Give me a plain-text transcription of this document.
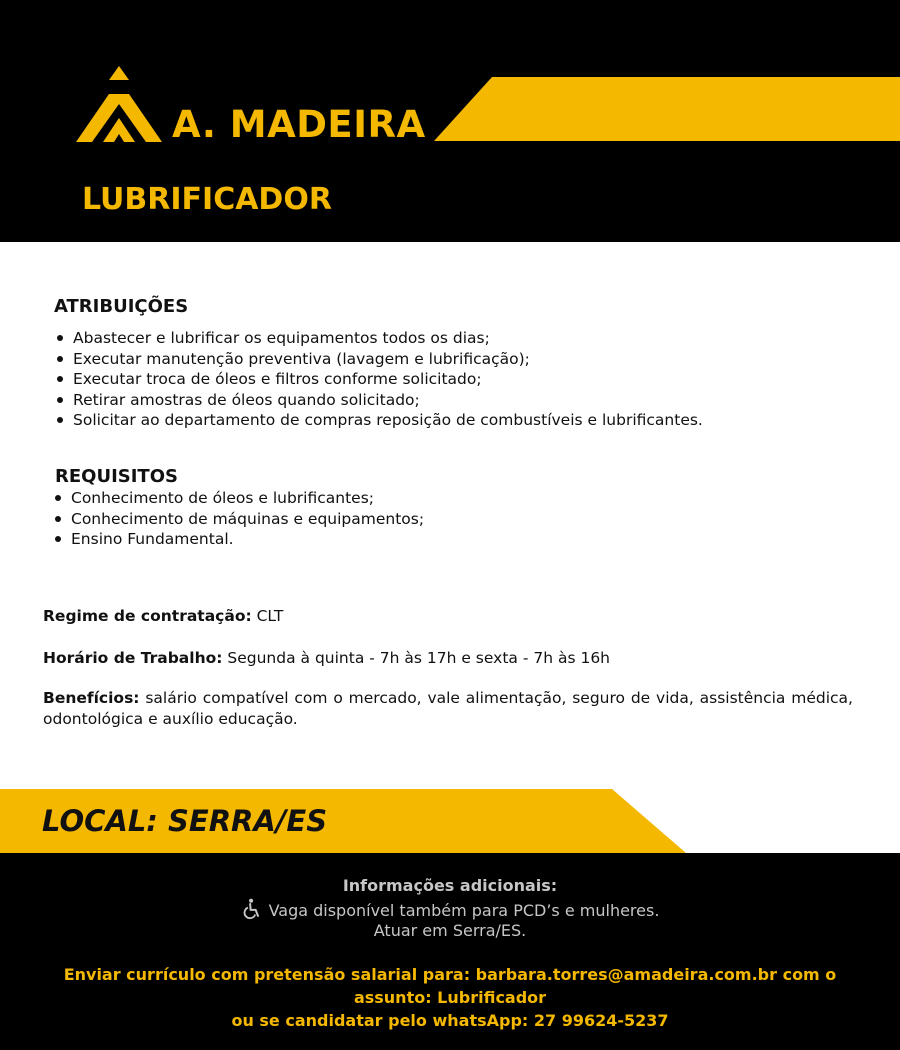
A. MADEIRA
LUBRIFICADOR
ATRIBUIÇÕES
Abastecer e lubrificar os equipamentos todos os dias;
Executar manutenção preventiva (lavagem e lubrificação);
Executar troca de óleos e filtros conforme solicitado;
Retirar amostras de óleos quando solicitado;
Solicitar ao departamento de compras reposição de combustíveis e lubrificantes.
REQUISITOS
Conhecimento de óleos e lubrificantes;
Conhecimento de máquinas e equipamentos;
Ensino Fundamental.
Regime de contratação: CLT
Horário de Trabalho: Segunda à quinta - 7h às 17h e sexta - 7h às 16h
Benefícios: salário compatível com o mercado, vale alimentação, seguro de vida, assistência médica, odontológica e auxílio educação.
LOCAL: SERRA/ES
Informações adicionais:
Vaga disponível também para PCD’s e mulheres.
Atuar em Serra/ES.
Enviar currículo com pretensão salarial para: barbara.torres@amadeira.com.br com o
assunto: Lubrificador
ou se candidatar pelo whatsApp: 27 99624-5237
